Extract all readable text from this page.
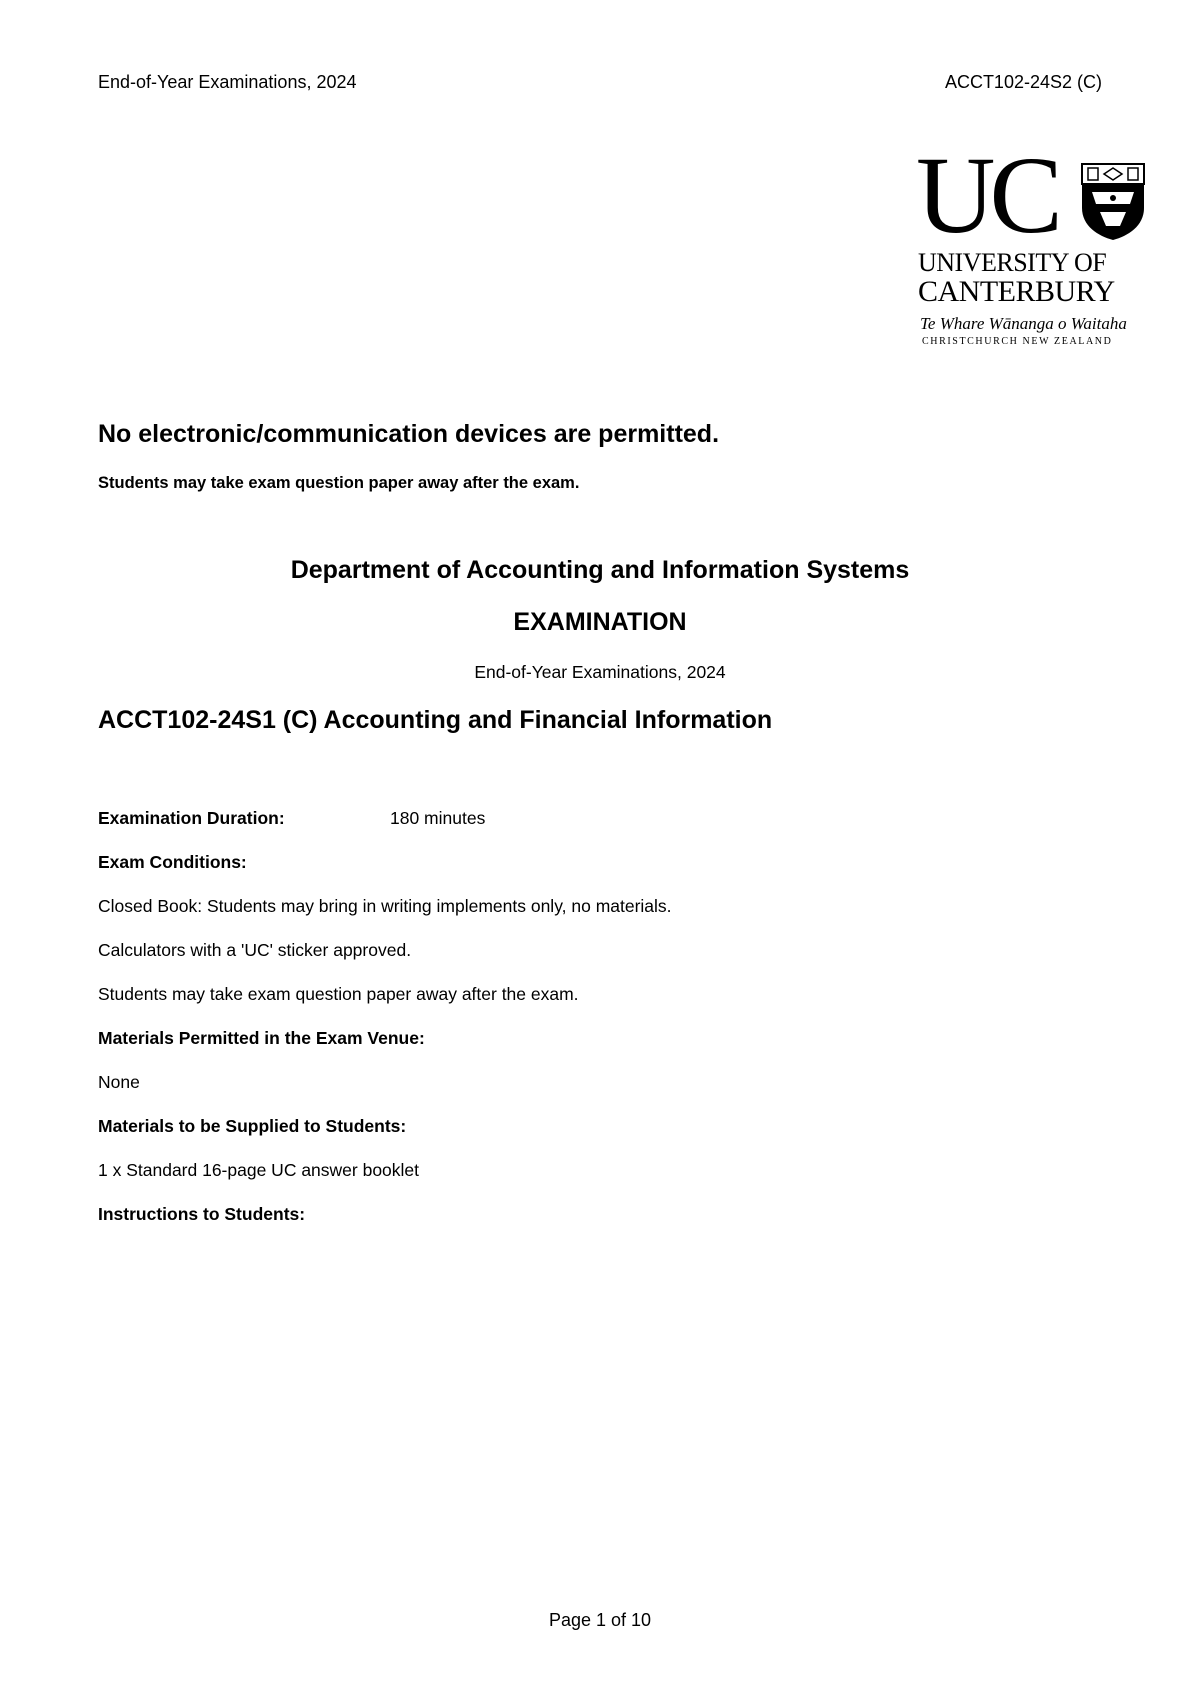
End-of-Year Examinations, 2024	ACCT102-24S2 (C)
UC
UNIVERSITY OF
CANTERBURY
Te Whare Wānanga o Waitaha
CHRISTCHURCH NEW ZEALAND
No electronic/communication devices are permitted.
Students may take exam question paper away after the exam.
Department of Accounting and Information Systems
EXAMINATION
End-of-Year Examinations, 2024
ACCT102-24S1 (C) Accounting and Financial Information
Examination Duration:	180 minutes
Exam Conditions:
Closed Book: Students may bring in writing implements only, no materials.
Calculators with a 'UC' sticker approved.
Students may take exam question paper away after the exam.
Materials Permitted in the Exam Venue:
None
Materials to be Supplied to Students:
1 x Standard 16-page UC answer booklet
Instructions to Students:
Page 1 of 10
